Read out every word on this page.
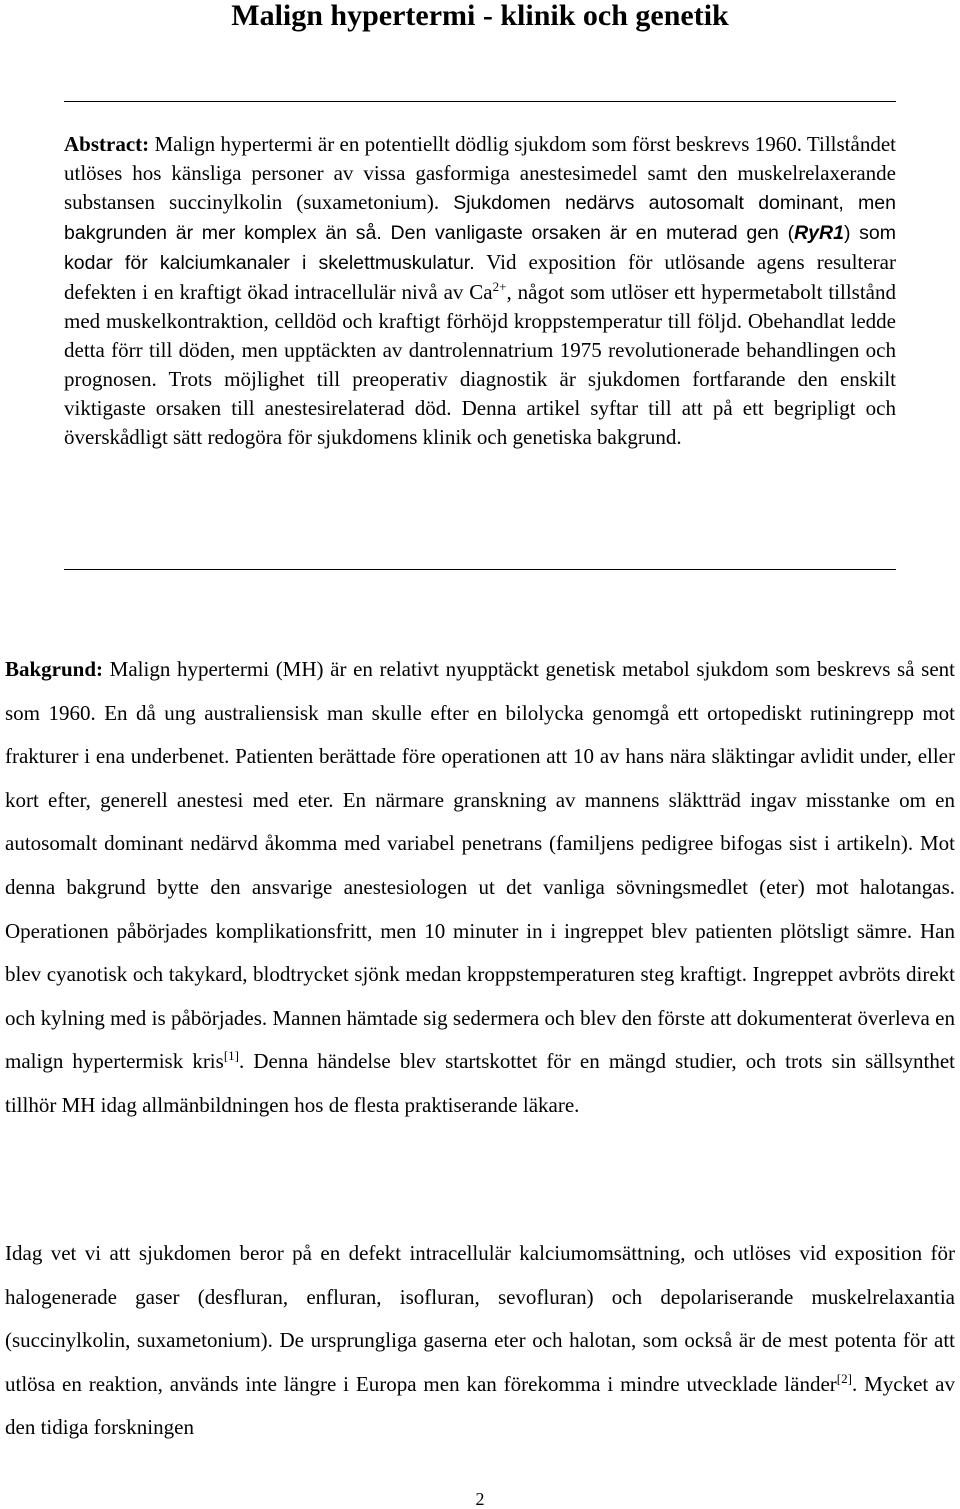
Malign hypertermi - klinik och genetik

Abstract: Malign hypertermi är en potentiellt dödlig sjukdom som först beskrevs 1960. Tillståndet utlöses hos känsliga personer av vissa gasformiga anestesimedel samt den muskelrelaxerande substansen succinylkolin (suxametonium). Sjukdomen nedärvs autosomalt dominant, men bakgrunden är mer komplex än så. Den vanligaste orsaken är en muterad gen (RyR1) som kodar för kalciumkanaler i skelettmuskulatur. Vid exposition för utlösande agens resulterar defekten i en kraftigt ökad intracellulär nivå av $Ca^{2+}$, något som utlöser ett hypermetabolt tillstånd med muskelkontraktion, celldöd och kraftigt förhöjd kroppstemperatur till följd. Obehandlat ledde detta förr till döden, men upptäckten av dantrolennatrium 1975 revolutionerade behandlingen och prognosen. Trots möjlighet till preoperativ diagnostik är sjukdomen fortfarande den enskilt viktigaste orsaken till anestesirelaterad död. Denna artikel syftar till att på ett begripligt och överskådligt sätt redogöra för sjukdomens klinik och genetiska bakgrund.

Bakgrund: Malign hypertermi (MH) är en relativt nyupptäckt genetisk metabol sjukdom som beskrevs så sent som 1960. En då ung australiensisk man skulle efter en bilolycka genomgå ett ortopediskt rutiningrepp mot frakturer i ena underbenet. Patienten berättade före operationen att 10 av hans nära släktingar avlidit under, eller kort efter, generell anestesi med eter. En närmare granskning av mannens släktträd ingav misstanke om en autosomalt dominant nedärvd åkomma med variabel penetrans (familjens pedigree bifogas sist i artikeln). Mot denna bakgrund bytte den ansvarige anestesiologen ut det vanliga sövningsmedlet (eter) mot halotangas. Operationen påbörjades komplikationsfritt, men 10 minuter in i ingreppet blev patienten plötsligt sämre. Han blev cyanotisk och takykard, blodtrycket sjönk medan kroppstemperaturen steg kraftigt. Ingreppet avbröts direkt och kylning med is påbörjades. Mannen hämtade sig sedermera och blev den förste att dokumenterat överleva en malign hypertermisk kris[1]. Denna händelse blev startskottet för en mängd studier, och trots sin sällsynthet tillhör MH idag allmänbildningen hos de flesta praktiserande läkare.

Idag vet vi att sjukdomen beror på en defekt intracellulär kalciumomsättning, och utlöses vid exposition för halogenerade gaser (desfluran, enfluran, isofluran, sevofluran) och depolariserande muskelrelaxantia (succinylkolin, suxametonium). De ursprungliga gaserna eter och halotan, som också är de mest potenta för att utlösa en reaktion, används inte längre i Europa men kan förekomma i mindre utvecklade länder[2]. Mycket av den tidiga forskningen

2
